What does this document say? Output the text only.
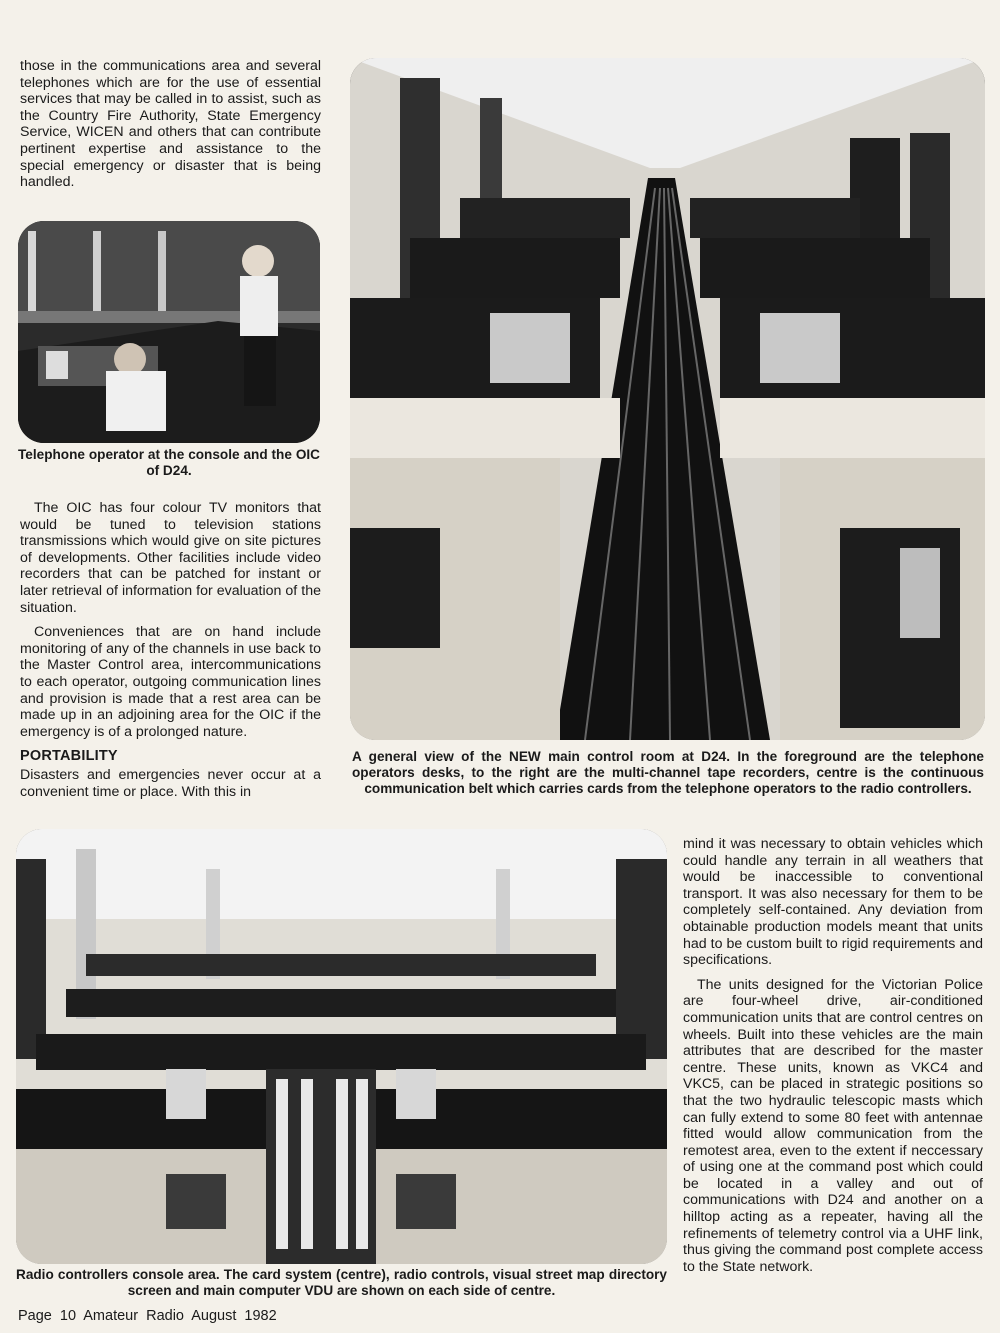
those in the communications area and several telephones which are for the use of essential services that may be called in to assist, such as the Country Fire Authority, State Emergency Service, WICEN and others that can contribute pertinent expertise and assistance to the special emergency or disaster that is being handled.

Telephone operator at the console and the OIC of D24.

The OIC has four colour TV monitors that would be tuned to television stations transmissions which would give on site pictures of developments. Other facilities include video recorders that can be patched for instant or later retrieval of information for evaluation of the situation.

Conveniences that are on hand include monitoring of any of the channels in use back to the Master Control area, intercommunications to each operator, outgoing communication lines and provision is made that a rest area can be made up in an adjoining area for the OIC if the emergency is of a prolonged nature.

PORTABILITY

Disasters and emergencies never occur at a convenient time or place. With this in

A general view of the NEW main control room at D24. In the foreground are the telephone operators desks, to the right are the multi-channel tape recorders, centre is the continuous communication belt which carries cards from the telephone operators to the radio controllers.
Radio controllers console area. The card system (centre), radio controls, visual street map directory screen and main computer VDU are shown on each side of centre.

mind it was necessary to obtain vehicles which could handle any terrain in all weathers that would be inaccessible to conventional transport. It was also necessary for them to be completely self-contained. Any deviation from obtainable production models meant that units had to be custom built to rigid requirements and specifications.

The units designed for the Victorian Police are four-wheel drive, air-conditioned communication units that are control centres on wheels. Built into these vehicles are the main attributes that are described for the master centre. These units, known as VKC4 and VKC5, can be placed in strategic positions so that the two hydraulic telescopic masts which can fully extend to some 80 feet with antennae fitted would allow communication from the remotest area, even to the extent if neccessary of using one at the command post which could be located in a valley and out of communications with D24 and another on a hilltop acting as a repeater, having all the refinements of telemetry control via a UHF link, thus giving the command post complete access to the State network.

Page 10 Amateur Radio August 1982
